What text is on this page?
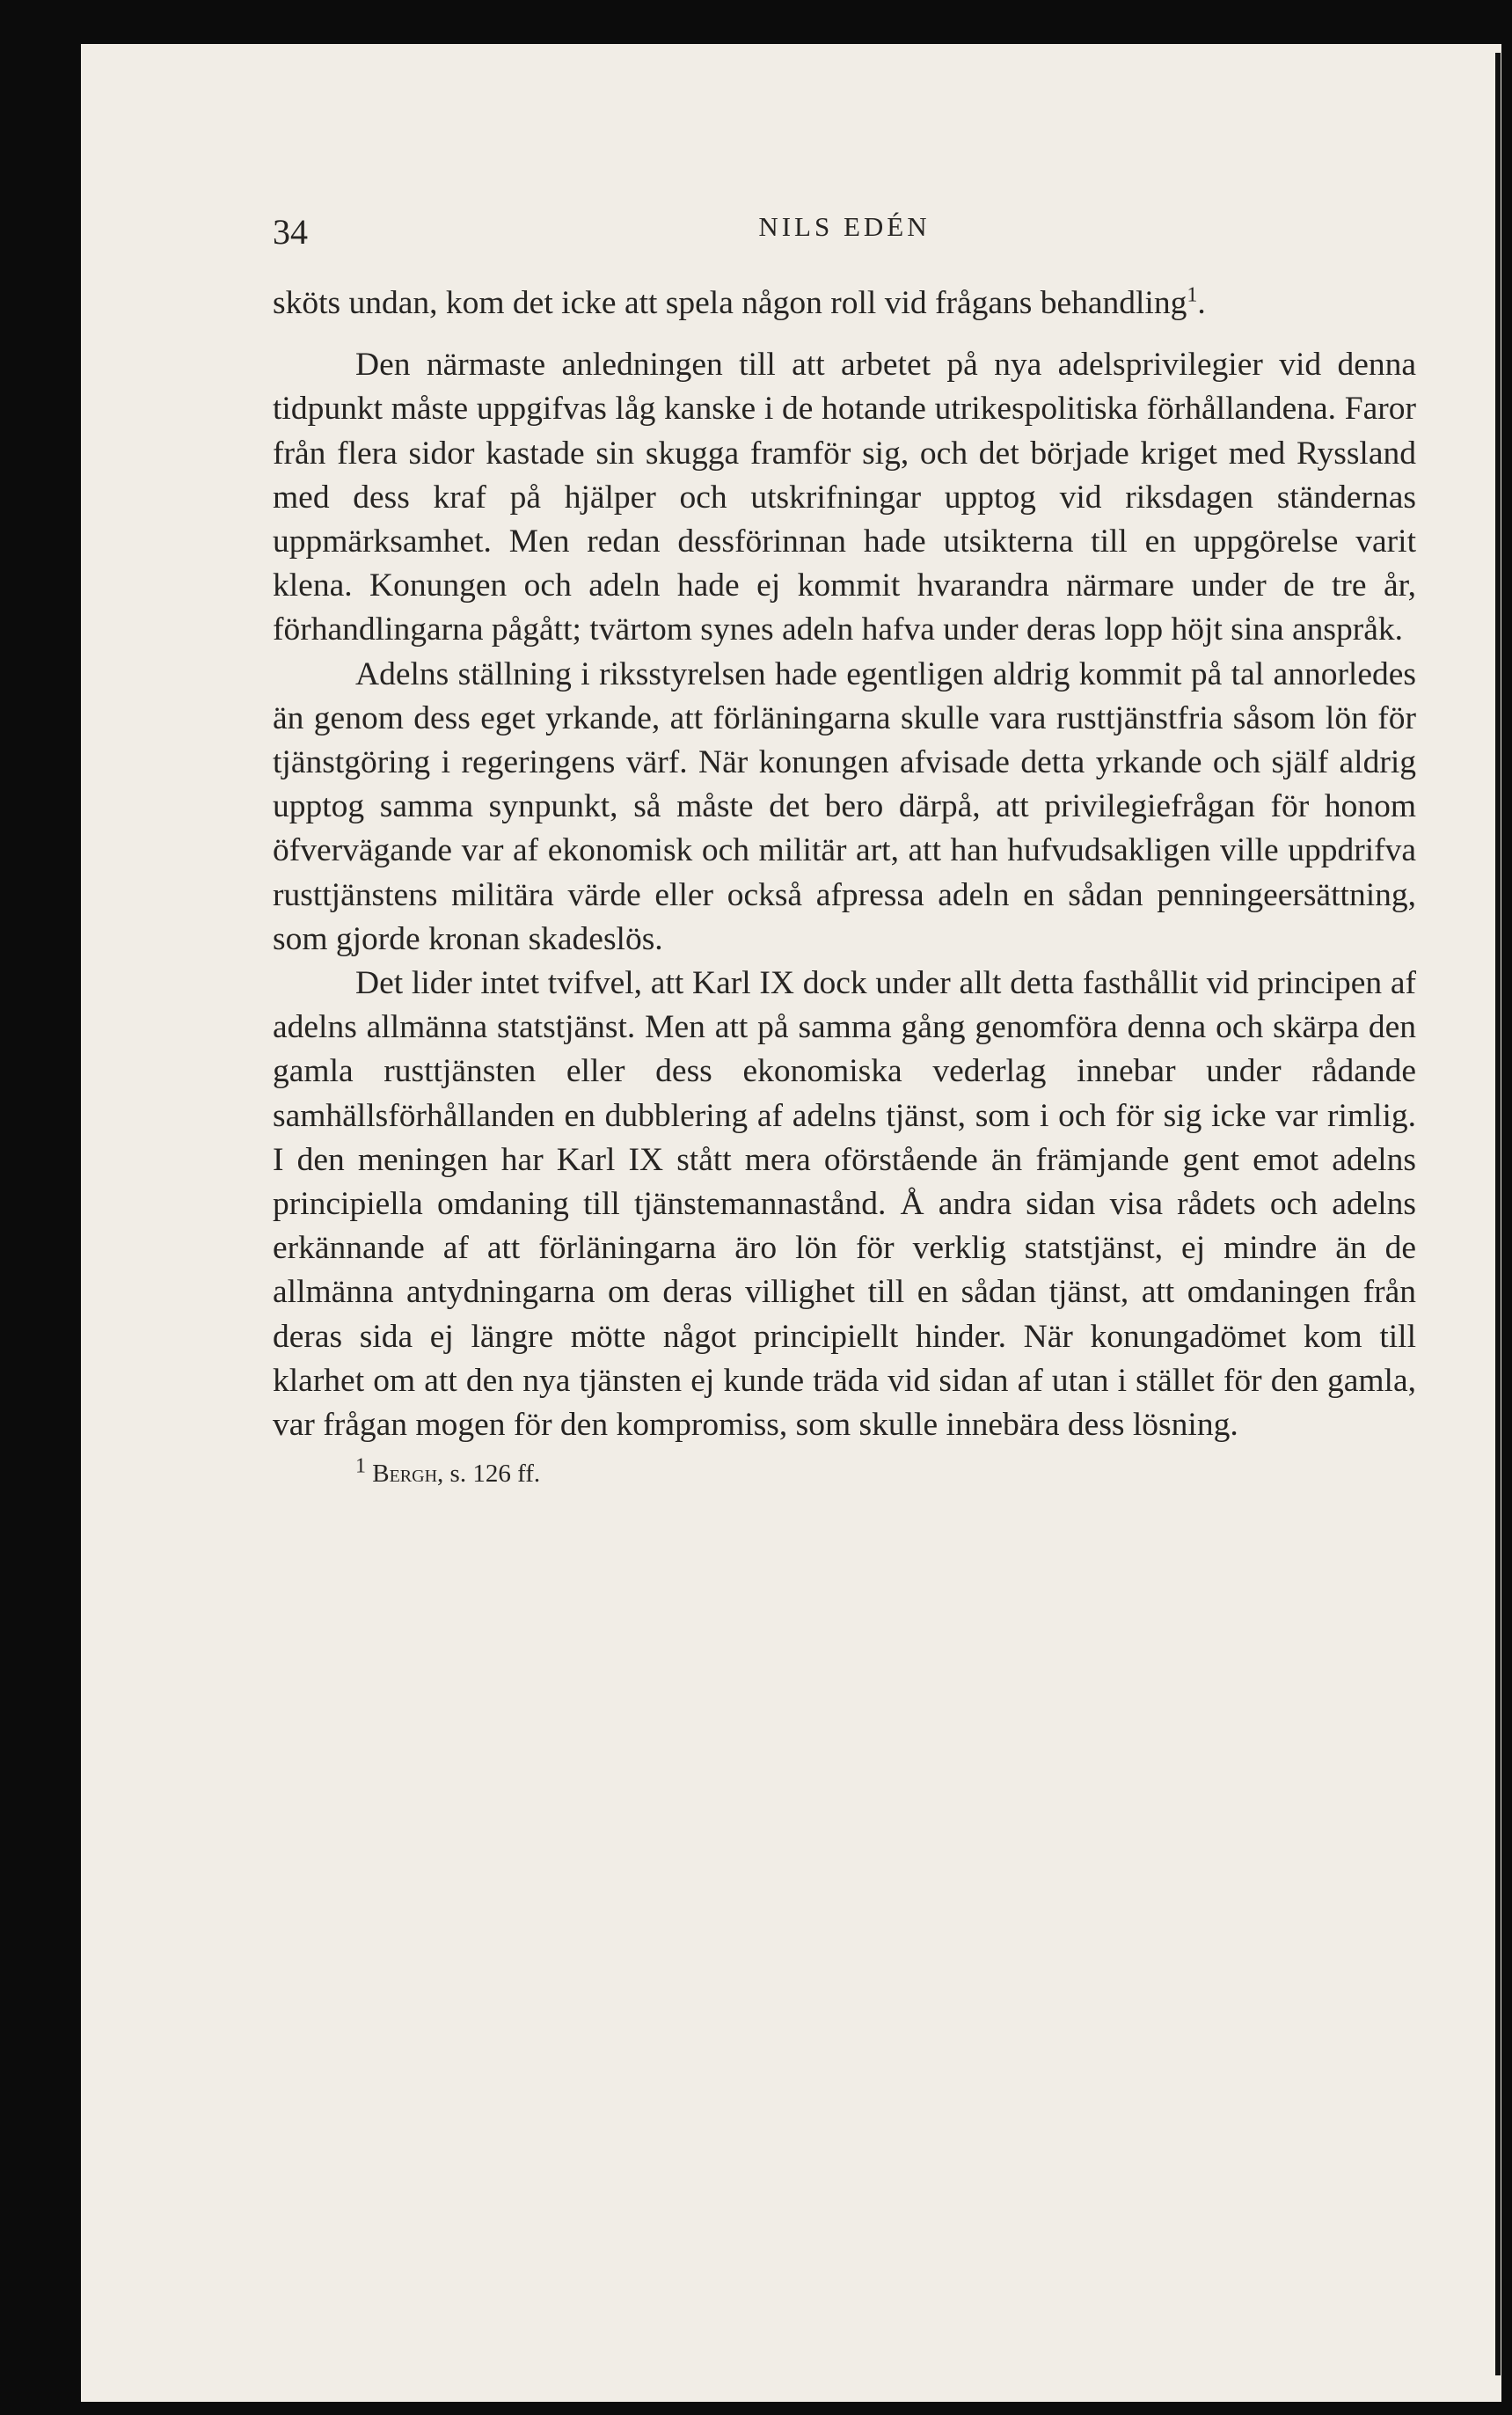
34	NILS EDÉN

sköts undan, kom det icke att spela någon roll vid frågans behandling$^1$.

Den närmaste anledningen till att arbetet på nya adelsprivilegier vid denna tidpunkt måste uppgifvas låg kanske i de hotande utrikespolitiska förhållandena. Faror från flera sidor kastade sin skugga framför sig, och det började kriget med Ryssland med dess kraf på hjälper och utskrifningar upptog vid riksdagen ständernas uppmärksamhet. Men redan dessförinnan hade utsikterna till en uppgörelse varit klena. Konungen och adeln hade ej kommit hvarandra närmare under de tre år, förhandlingarna pågått; tvärtom synes adeln hafva under deras lopp höjt sina anspråk.

Adelns ställning i riksstyrelsen hade egentligen aldrig kommit på tal annorledes än genom dess eget yrkande, att förläningarna skulle vara rusttjänstfria såsom lön för tjänstgöring i regeringens värf. När konungen afvisade detta yrkande och själf aldrig upptog samma synpunkt, så måste det bero därpå, att privilegiefrågan för honom öfvervägande var af ekonomisk och militär art, att han hufvudsakligen ville uppdrifva rusttjänstens militära värde eller också afpressa adeln en sådan penningeersättning, som gjorde kronan skadeslös.

Det lider intet tvifvel, att Karl IX dock under allt detta fasthållit vid principen af adelns allmänna statstjänst. Men att på samma gång genomföra denna och skärpa den gamla rusttjänsten eller dess ekonomiska vederlag innebar under rådande samhällsförhållanden en dubblering af adelns tjänst, som i och för sig icke var rimlig. I den meningen har Karl IX stått mera oförstående än främjande gent emot adelns principiella omdaning till tjänstemannastånd. Å andra sidan visa rådets och adelns erkännande af att förläningarna äro lön för verklig statstjänst, ej mindre än de allmänna antydningarna om deras villighet till en sådan tjänst, att omdaningen från deras sida ej längre mötte något principiellt hinder. När konungadömet kom till klarhet om att den nya tjänsten ej kunde träda vid sidan af utan i stället för den gamla, var frågan mogen för den kompromiss, som skulle innebära dess lösning.

$^1$ Bergh, s. 126 ff.
